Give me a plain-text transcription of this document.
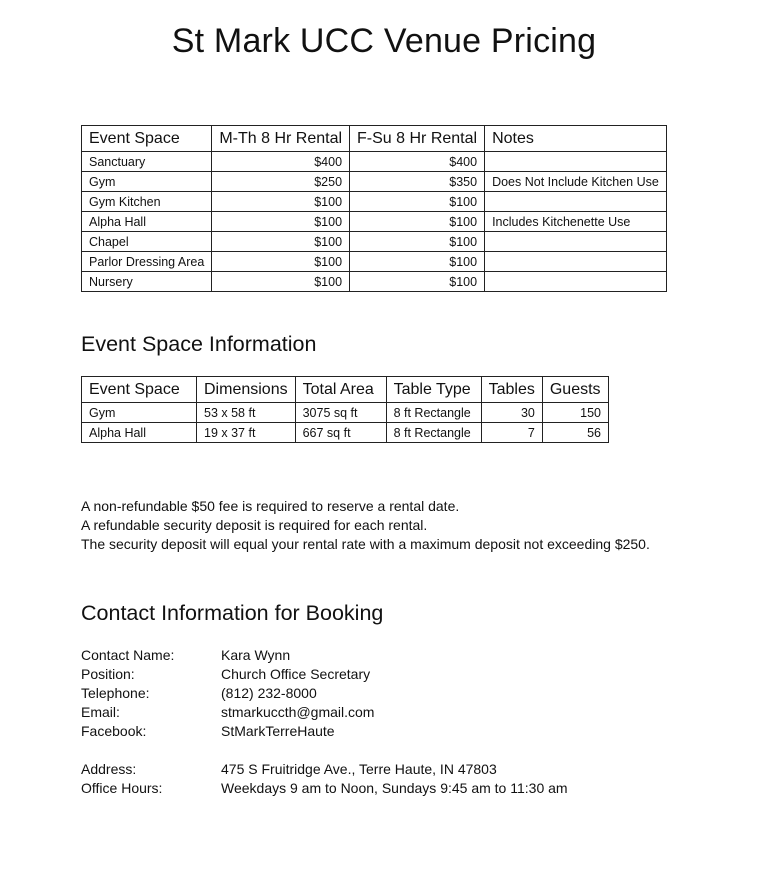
St Mark UCC Venue Pricing
Event Space	M-Th 8 Hr Rental	F-Su 8 Hr Rental	Notes
Sanctuary	$400	$400	
Gym	$250	$350	Does Not Include Kitchen Use
Gym Kitchen	$100	$100	
Alpha Hall	$100	$100	Includes Kitchenette Use
Chapel	$100	$100	
Parlor Dressing Area	$100	$100	
Nursery	$100	$100	
Event Space Information
Event Space	Dimensions	Total Area	Table Type	Tables	Guests
Gym	53 x 58 ft	3075 sq ft	8 ft Rectangle	30	150
Alpha Hall	19 x 37 ft	667 sq ft	8 ft Rectangle	7	56

A non-refundable $50 fee is required to reserve a rental date.

A refundable security deposit is required for each rental.

The security deposit will equal your rental rate with a maximum deposit not exceeding $250.

Contact Information for Booking
Contact Name:	Kara Wynn
Position:	Church Office Secretary
Telephone:	(812) 232-8000
Email:	stmarkuccth@gmail.com
Facebook:	StMarkTerreHaute
Address:	475 S Fruitridge Ave., Terre Haute, IN 47803
Office Hours:	Weekdays 9 am to Noon, Sundays 9:45 am to 11:30 am
